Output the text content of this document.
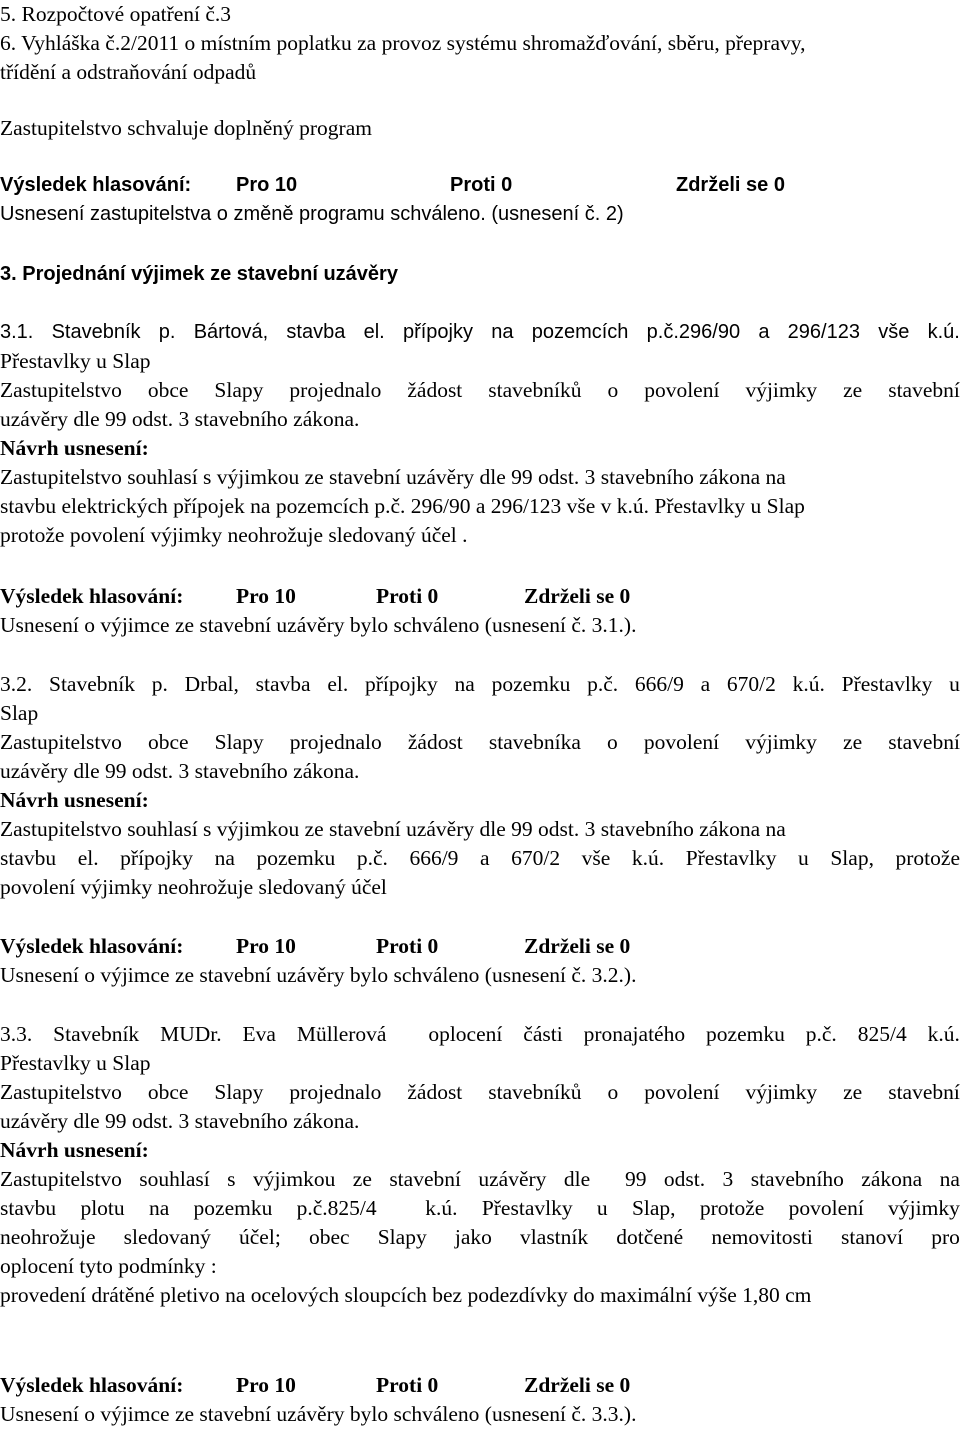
5. Rozpočtové opatření č.3
6. Vyhláška č.2/2011 o místním poplatku za provoz systému shromažďování, sběru, přepravy,
třídění a odstraňování odpadů
Zastupitelstvo schvaluje doplněný program
Výsledek hlasování: Pro 10	Proti 0	Zdrželi se 0
Usnesení zastupitelstva o změně programu schváleno. (usnesení č. 2)
3. Projednání výjimek ze stavební uzávěry
3.1. Stavebník p. Bártová, stavba el. přípojky na pozemcích p.č.296/90 a 296/123 vše k.ú.
Přestavlky u Slap
Zastupitelstvo obce Slapy projednalo žádost stavebníků o povolení výjimky ze stavební
uzávěry dle 99 odst. 3 stavebního zákona.
Návrh usnesení:
Zastupitelstvo souhlasí s výjimkou ze stavební uzávěry dle 99 odst. 3 stavebního zákona na
stavbu elektrických přípojek na pozemcích p.č. 296/90 a 296/123 vše v k.ú. Přestavlky u Slap
protože povolení výjimky neohrožuje sledovaný účel .
Výsledek hlasování: Pro 10	Proti 0	Zdrželi se 0
Usnesení o výjimce ze stavební uzávěry bylo schváleno (usnesení č. 3.1.).
3.2. Stavebník p. Drbal, stavba el. přípojky na pozemku p.č. 666/9 a 670/2 k.ú. Přestavlky u
Slap
Zastupitelstvo obce Slapy projednalo žádost stavebníka o povolení výjimky ze stavební
uzávěry dle 99 odst. 3 stavebního zákona.
Návrh usnesení:
Zastupitelstvo souhlasí s výjimkou ze stavební uzávěry dle 99 odst. 3 stavebního zákona na
stavbu el. přípojky na pozemku p.č. 666/9 a 670/2 vše k.ú. Přestavlky u Slap, protože
povolení výjimky neohrožuje sledovaný účel
Výsledek hlasování: Pro 10	Proti 0	Zdrželi se 0
Usnesení o výjimce ze stavební uzávěry bylo schváleno (usnesení č. 3.2.).
3.3. Stavebník MUDr. Eva Müllerová oplocení části pronajatého pozemku p.č. 825/4 k.ú.
Přestavlky u Slap
Zastupitelstvo obce Slapy projednalo žádost stavebníků o povolení výjimky ze stavební
uzávěry dle 99 odst. 3 stavebního zákona.
Návrh usnesení:
Zastupitelstvo souhlasí s výjimkou ze stavební uzávěry dle 99 odst. 3 stavebního zákona na
stavbu plotu na pozemku p.č.825/4 k.ú. Přestavlky u Slap, protože povolení výjimky
neohrožuje sledovaný účel; obec Slapy jako vlastník dotčené nemovitosti stanoví pro
oplocení tyto podmínky :
provedení drátěné pletivo na ocelových sloupcích bez podezdívky do maximální výše 1,80 cm
Výsledek hlasování: Pro 10	Proti 0	Zdrželi se 0
Usnesení o výjimce ze stavební uzávěry bylo schváleno (usnesení č. 3.3.).
